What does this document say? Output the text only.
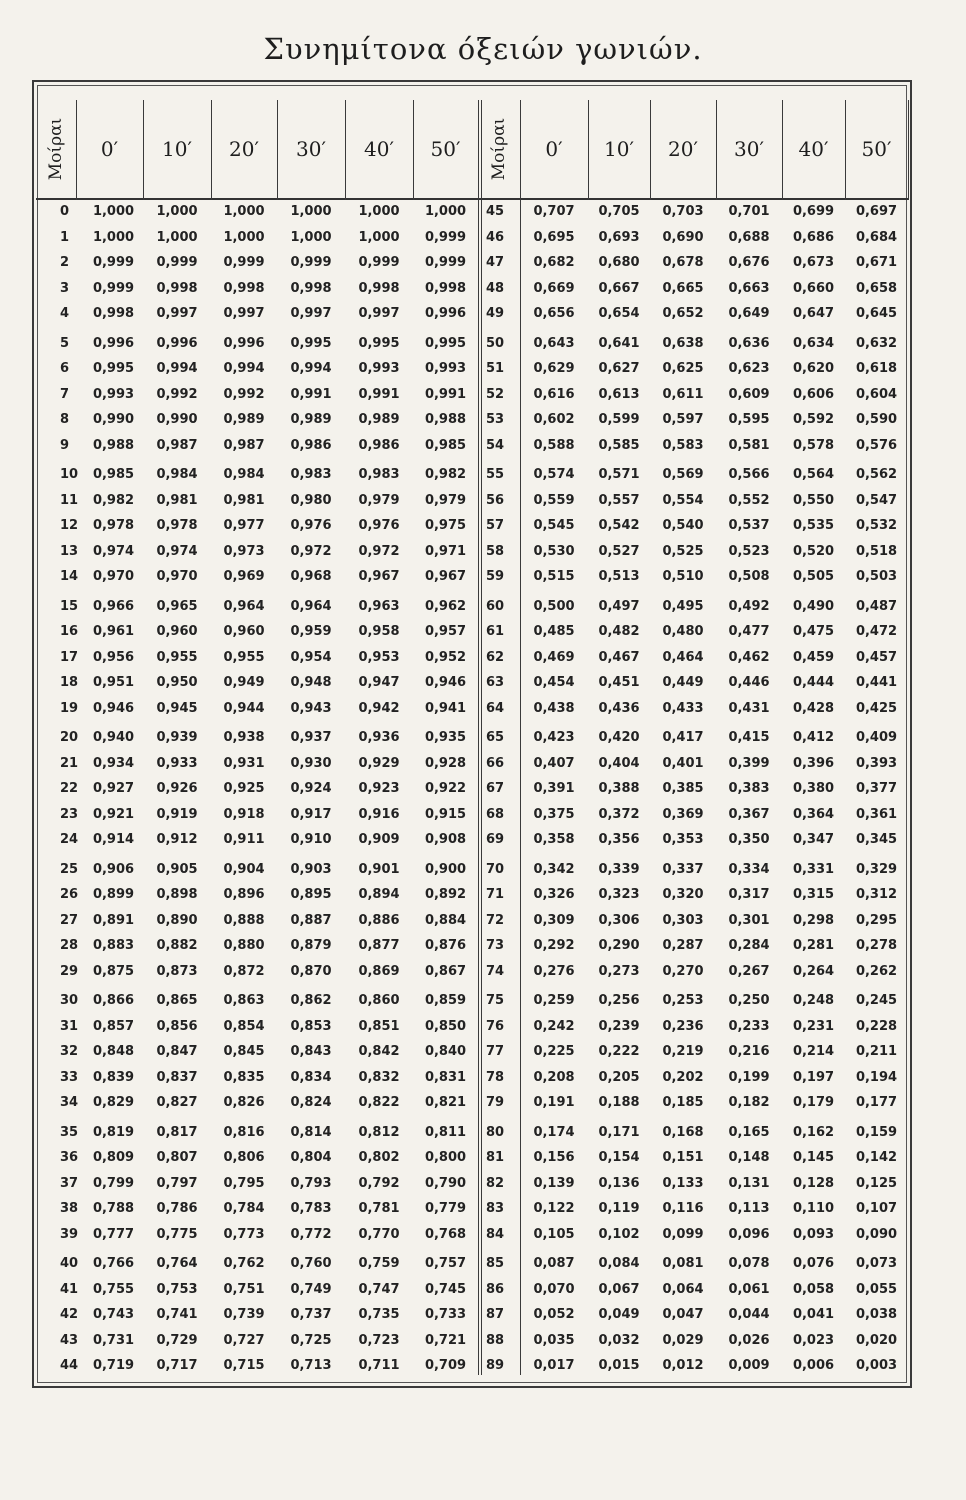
Συνημίτονα όξειών γωνιών.
Μοίραι 0′ 10′ 20′ 30′ 40′ 50′ Μοίραι 0′ 10′ 20′ 30′ 40′ 50′
0	1,000	1,000	1,000	1,000	1,000	1,000
1	1,000	1,000	1,000	1,000	1,000	0,999
2	0,999	0,999	0,999	0,999	0,999	0,999
3	0,999	0,998	0,998	0,998	0,998	0,998
4	0,998	0,997	0,997	0,997	0,997	0,996
5	0,996	0,996	0,996	0,995	0,995	0,995
6	0,995	0,994	0,994	0,994	0,993	0,993
7	0,993	0,992	0,992	0,991	0,991	0,991
8	0,990	0,990	0,989	0,989	0,989	0,988
9	0,988	0,987	0,987	0,986	0,986	0,985
10	0,985	0,984	0,984	0,983	0,983	0,982
11	0,982	0,981	0,981	0,980	0,979	0,979
12	0,978	0,978	0,977	0,976	0,976	0,975
13	0,974	0,974	0,973	0,972	0,972	0,971
14	0,970	0,970	0,969	0,968	0,967	0,967
15	0,966	0,965	0,964	0,964	0,963	0,962
16	0,961	0,960	0,960	0,959	0,958	0,957
17	0,956	0,955	0,955	0,954	0,953	0,952
18	0,951	0,950	0,949	0,948	0,947	0,946
19	0,946	0,945	0,944	0,943	0,942	0,941
20	0,940	0,939	0,938	0,937	0,936	0,935
21	0,934	0,933	0,931	0,930	0,929	0,928
22	0,927	0,926	0,925	0,924	0,923	0,922
23	0,921	0,919	0,918	0,917	0,916	0,915
24	0,914	0,912	0,911	0,910	0,909	0,908
25	0,906	0,905	0,904	0,903	0,901	0,900
26	0,899	0,898	0,896	0,895	0,894	0,892
27	0,891	0,890	0,888	0,887	0,886	0,884
28	0,883	0,882	0,880	0,879	0,877	0,876
29	0,875	0,873	0,872	0,870	0,869	0,867
30	0,866	0,865	0,863	0,862	0,860	0,859
31	0,857	0,856	0,854	0,853	0,851	0,850
32	0,848	0,847	0,845	0,843	0,842	0,840
33	0,839	0,837	0,835	0,834	0,832	0,831
34	0,829	0,827	0,826	0,824	0,822	0,821
35	0,819	0,817	0,816	0,814	0,812	0,811
36	0,809	0,807	0,806	0,804	0,802	0,800
37	0,799	0,797	0,795	0,793	0,792	0,790
38	0,788	0,786	0,784	0,783	0,781	0,779
39	0,777	0,775	0,773	0,772	0,770	0,768
40	0,766	0,764	0,762	0,760	0,759	0,757
41	0,755	0,753	0,751	0,749	0,747	0,745
42	0,743	0,741	0,739	0,737	0,735	0,733
43	0,731	0,729	0,727	0,725	0,723	0,721
44	0,719	0,717	0,715	0,713	0,711	0,709
45	0,707	0,705	0,703	0,701	0,699	0,697
46	0,695	0,693	0,690	0,688	0,686	0,684
47	0,682	0,680	0,678	0,676	0,673	0,671
48	0,669	0,667	0,665	0,663	0,660	0,658
49	0,656	0,654	0,652	0,649	0,647	0,645
50	0,643	0,641	0,638	0,636	0,634	0,632
51	0,629	0,627	0,625	0,623	0,620	0,618
52	0,616	0,613	0,611	0,609	0,606	0,604
53	0,602	0,599	0,597	0,595	0,592	0,590
54	0,588	0,585	0,583	0,581	0,578	0,576
55	0,574	0,571	0,569	0,566	0,564	0,562
56	0,559	0,557	0,554	0,552	0,550	0,547
57	0,545	0,542	0,540	0,537	0,535	0,532
58	0,530	0,527	0,525	0,523	0,520	0,518
59	0,515	0,513	0,510	0,508	0,505	0,503
60	0,500	0,497	0,495	0,492	0,490	0,487
61	0,485	0,482	0,480	0,477	0,475	0,472
62	0,469	0,467	0,464	0,462	0,459	0,457
63	0,454	0,451	0,449	0,446	0,444	0,441
64	0,438	0,436	0,433	0,431	0,428	0,425
65	0,423	0,420	0,417	0,415	0,412	0,409
66	0,407	0,404	0,401	0,399	0,396	0,393
67	0,391	0,388	0,385	0,383	0,380	0,377
68	0,375	0,372	0,369	0,367	0,364	0,361
69	0,358	0,356	0,353	0,350	0,347	0,345
70	0,342	0,339	0,337	0,334	0,331	0,329
71	0,326	0,323	0,320	0,317	0,315	0,312
72	0,309	0,306	0,303	0,301	0,298	0,295
73	0,292	0,290	0,287	0,284	0,281	0,278
74	0,276	0,273	0,270	0,267	0,264	0,262
75	0,259	0,256	0,253	0,250	0,248	0,245
76	0,242	0,239	0,236	0,233	0,231	0,228
77	0,225	0,222	0,219	0,216	0,214	0,211
78	0,208	0,205	0,202	0,199	0,197	0,194
79	0,191	0,188	0,185	0,182	0,179	0,177
80	0,174	0,171	0,168	0,165	0,162	0,159
81	0,156	0,154	0,151	0,148	0,145	0,142
82	0,139	0,136	0,133	0,131	0,128	0,125
83	0,122	0,119	0,116	0,113	0,110	0,107
84	0,105	0,102	0,099	0,096	0,093	0,090
85	0,087	0,084	0,081	0,078	0,076	0,073
86	0,070	0,067	0,064	0,061	0,058	0,055
87	0,052	0,049	0,047	0,044	0,041	0,038
88	0,035	0,032	0,029	0,026	0,023	0,020
89	0,017	0,015	0,012	0,009	0,006	0,003
